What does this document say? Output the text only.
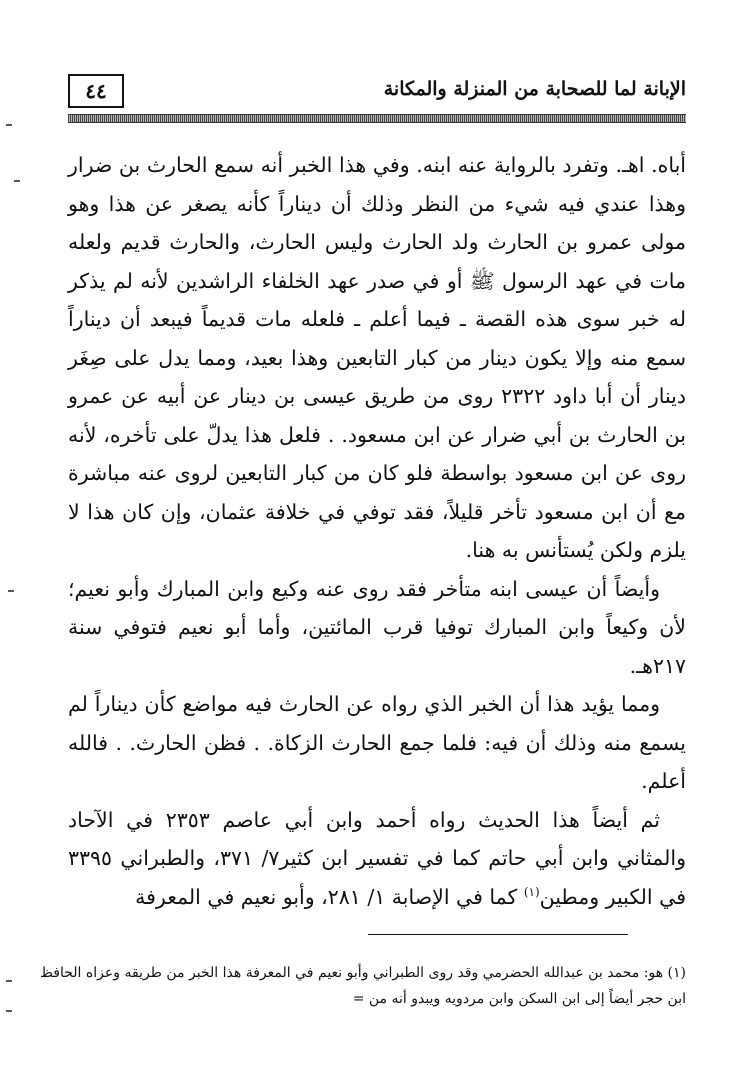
٤٤	الإبانة لما للصحابة من المنزلة والمكانة

أباه. اهـ. وتفرد بالرواية عنه ابنه. وفي هذا الخبر أنه سمع الحارث بن ضرار وهذا عندي فيه شيء من النظر وذلك أن ديناراً كأنه يصغر عن هذا وهو مولى عمرو بن الحارث ولد الحارث وليس الحارث، والحارث قديم ولعله مات في عهد الرسول ﷺ أو في صدر عهد الخلفاء الراشدين لأنه لم يذكر له خبر سوى هذه القصة ـ فيما أعلم ـ فلعله مات قديماً فيبعد أن ديناراً سمع منه وإلا يكون دينار من كبار التابعين وهذا بعيد، ومما يدل على صِغَر دينار أن أبا داود ٢٣٢٢ روى من طريق عيسى بن دينار عن أبيه عن عمرو بن الحارث بن أبي ضرار عن ابن مسعود. . فلعل هذا يدلّ على تأخره، لأنه روى عن ابن مسعود بواسطة فلو كان من كبار التابعين لروى عنه مباشرة مع أن ابن مسعود تأخر قليلاً، فقد توفي في خلافة عثمان، وإن كان هذا لا يلزم ولكن يُستأنس به هنا.

وأيضاً أن عيسى ابنه متأخر فقد روى عنه وكيع وابن المبارك وأبو نعيم؛ لأن وكيعاً وابن المبارك توفيا قرب المائتين، وأما أبو نعيم فتوفي سنة ٢١٧هـ.

ومما يؤيد هذا أن الخبر الذي رواه عن الحارث فيه مواضع كأن ديناراً لم يسمع منه وذلك أن فيه: فلما جمع الحارث الزكاة. . فظن الحارث. . فالله أعلم.

ثم أيضاً هذا الحديث رواه أحمد وابن أبي عاصم ٢٣٥٣ في الآحاد والمثاني وابن أبي حاتم كما في تفسير ابن كثير٧/ ٣٧١، والطبراني ٣٣٩٥ في الكبير ومطين$^{(١)}$ كما في الإصابة ١/ ٢٨١، وأبو نعيم في المعرفة

(١) هو: محمد بن عبدالله الحضرمي وقد روى الطبراني وأبو نعيم في المعرفة هذا الخبر من طريقه وعزاه الحافظ ابن حجر أيضاً إلى ابن السكن وابن مردويه ويبدو أنه من =
